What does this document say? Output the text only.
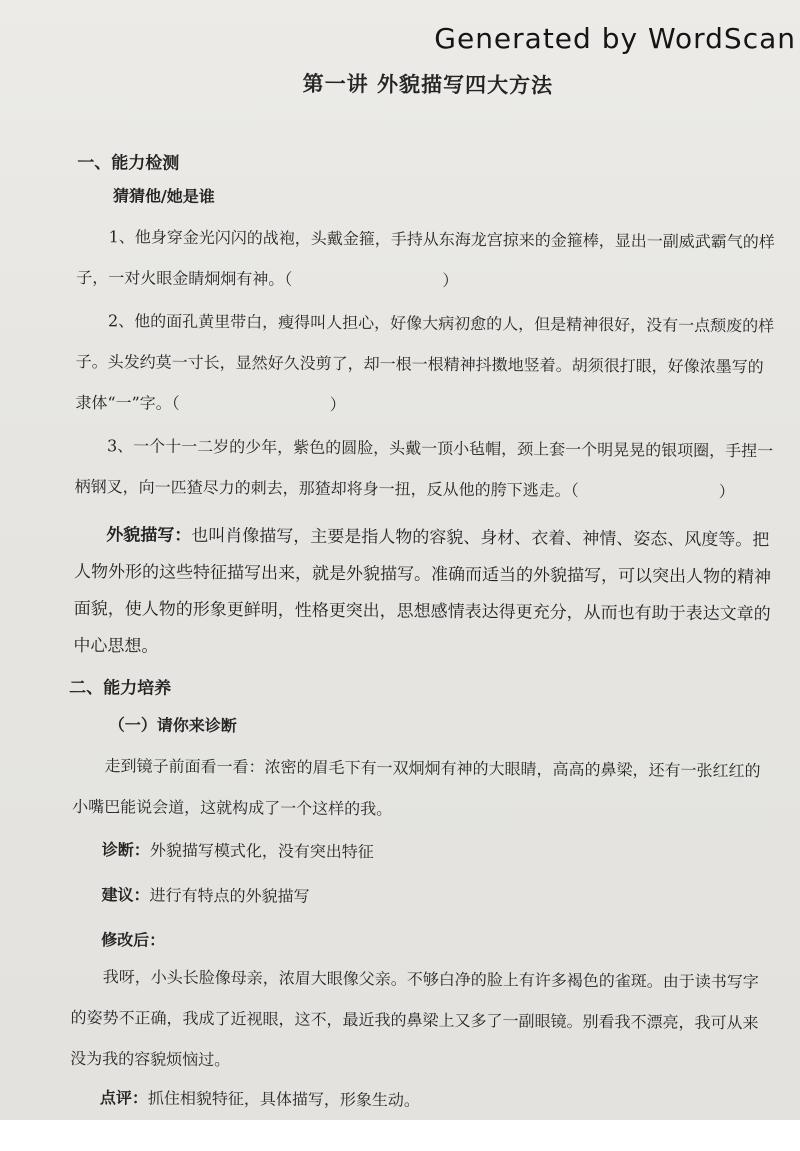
Generated by WordScan
第一讲 外貌描写四大方法
一、能力检测
猜猜他/她是谁

1、他身穿金光闪闪的战袍，头戴金箍，手持从东海龙宫掠来的金箍棒，显出一副威武霸气的样子，一对火眼金睛炯炯有神。（	）

2、他的面孔黄里带白，瘦得叫人担心，好像大病初愈的人，但是精神很好，没有一点颓废的样子。头发约莫一寸长，显然好久没剪了，却一根一根精神抖擞地竖着。胡须很打眼，好像浓墨写的隶体“一”字。（	）

3、一个十一二岁的少年，紫色的圆脸，头戴一顶小毡帽，颈上套一个明晃晃的银项圈，手捏一柄钢叉，向一匹猹尽力的刺去，那猹却将身一扭，反从他的胯下逃走。（	）

外貌描写：也叫肖像描写，主要是指人物的容貌、身材、衣着、神情、姿态、风度等。把人物外形的这些特征描写出来，就是外貌描写。准确而适当的外貌描写，可以突出人物的精神面貌，使人物的形象更鲜明，性格更突出，思想感情表达得更充分，从而也有助于表达文章的中心思想。

二、能力培养
（一）请你来诊断

走到镜子前面看一看：浓密的眉毛下有一双炯炯有神的大眼睛，高高的鼻梁，还有一张红红的小嘴巴能说会道，这就构成了一个这样的我。

诊断：外貌描写模式化，没有突出特征
建议：进行有特点的外貌描写
修改后：

我呀，小头长脸像母亲，浓眉大眼像父亲。不够白净的脸上有许多褐色的雀斑。由于读书写字的姿势不正确，我成了近视眼，这不，最近我的鼻梁上又多了一副眼镜。别看我不漂亮，我可从来没为我的容貌烦恼过。

点评：抓住相貌特征，具体描写，形象生动。
